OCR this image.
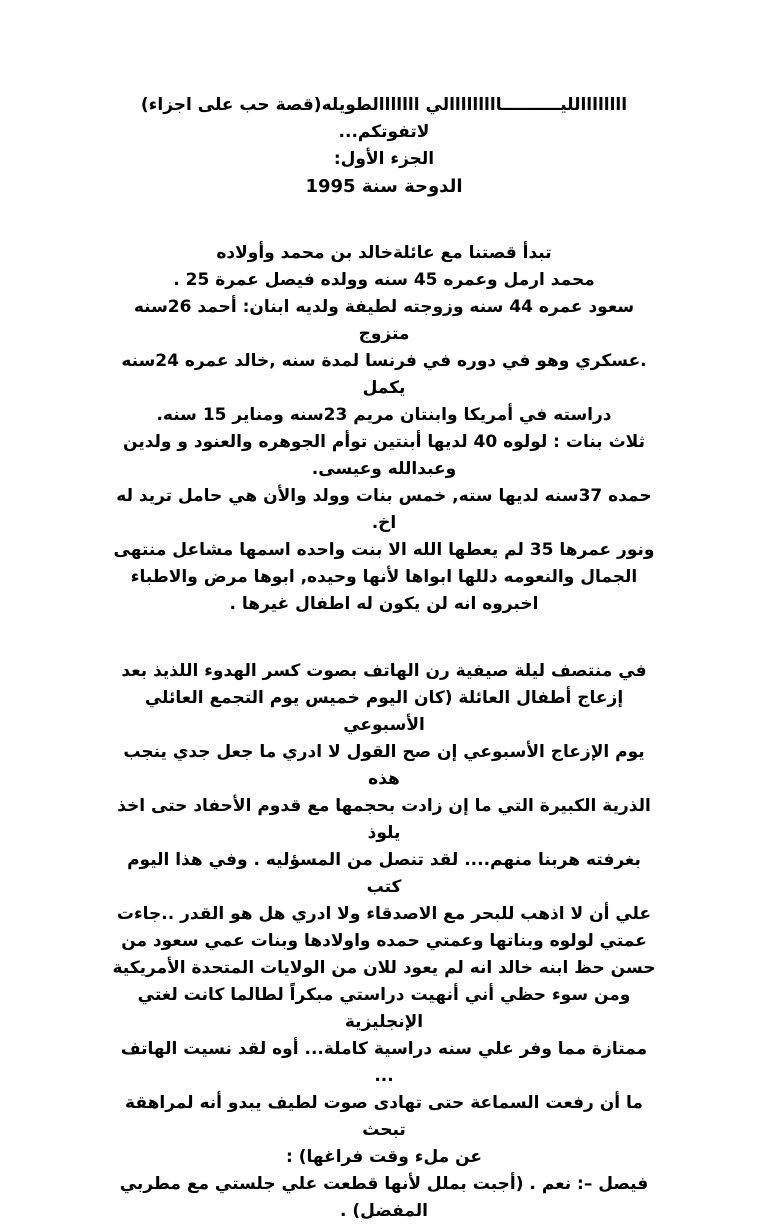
اااااااالليــــــــــااااااااالي ااااااالطويله(قصة حب على اجزاء)

لاتفوتكم...

الجزء الأول:

الدوحة سنة 1995

تبدأ قصتنا مع عائلةخالد بن محمد وأولاده

محمد ارمل وعمره 45 سنه وولده فيصل عمرة 25 .

سعود عمره 44 سنه وزوجته لطيفة ولديه ابنان: أحمد 26سنه متزوج

.عسكري وهو في دوره في فرنسا لمدة سنه ,خالد عمره 24سنه يكمل

دراسته في أمريكا وابنتان مريم 23سنه ومناير 15 سنه.

ثلاث بنات : لولوه 40 لديها أبنتين توأم الجوهره والعنود و ولدين

وعبدالله وعيسى.

حمده 37سنه لديها سته, خمس بنات وولد والأن هي حامل تريد له

اخ.

ونور عمرها 35 لم يعطها الله الا بنت واحده اسمها مشاعل منتهى

الجمال والنعومه دللها ابواها لأنها وحيده, ابوها مرض والاطباء

اخبروه انه لن يكون له اطفال غيرها .

في منتصف ليلة صيفية رن الهاتف بصوت كسر الهدوء اللذيذ بعد

إزعاج أطفال العائلة (كان اليوم خميس يوم التجمع العائلي الأسبوعي

يوم الإزعاج الأسبوعي إن صح القول لا ادري ما جعل جدي ينجب هذه

الذرية الكبيرة التي ما إن زادت بحجمها مع قدوم الأحفاد حتى اخذ يلوذ

بغرفته هربنا منهم.... لقد تنصل من المسؤليه . وفي هذا اليوم كتب

علي أن لا اذهب للبحر مع الاصدقاء ولا ادري هل هو القدر ..جاءت

عمتي لولوه وبناتها وعمتي حمده واولادها وبنات عمي سعود من

حسن حظ ابنه خالد انه لم يعود للان من الولايات المتحدة الأمريكية

ومن سوء حظي أني أنهيت دراستي مبكراً لطالما كانت لغتي الإنجليزية

ممتازة مما وفر علي سنه دراسية كاملة... أوه لقد نسيت الهاتف ...

ما أن رفعت السماعة حتى تهادى صوت لطيف يبدو أنه لمراهقة تبحث

عن ملء وقت فراغها) :

فيصل –: نعم . (أجبت بملل لأنها قطعت علي جلستي مع مطربي

المفضل) .
